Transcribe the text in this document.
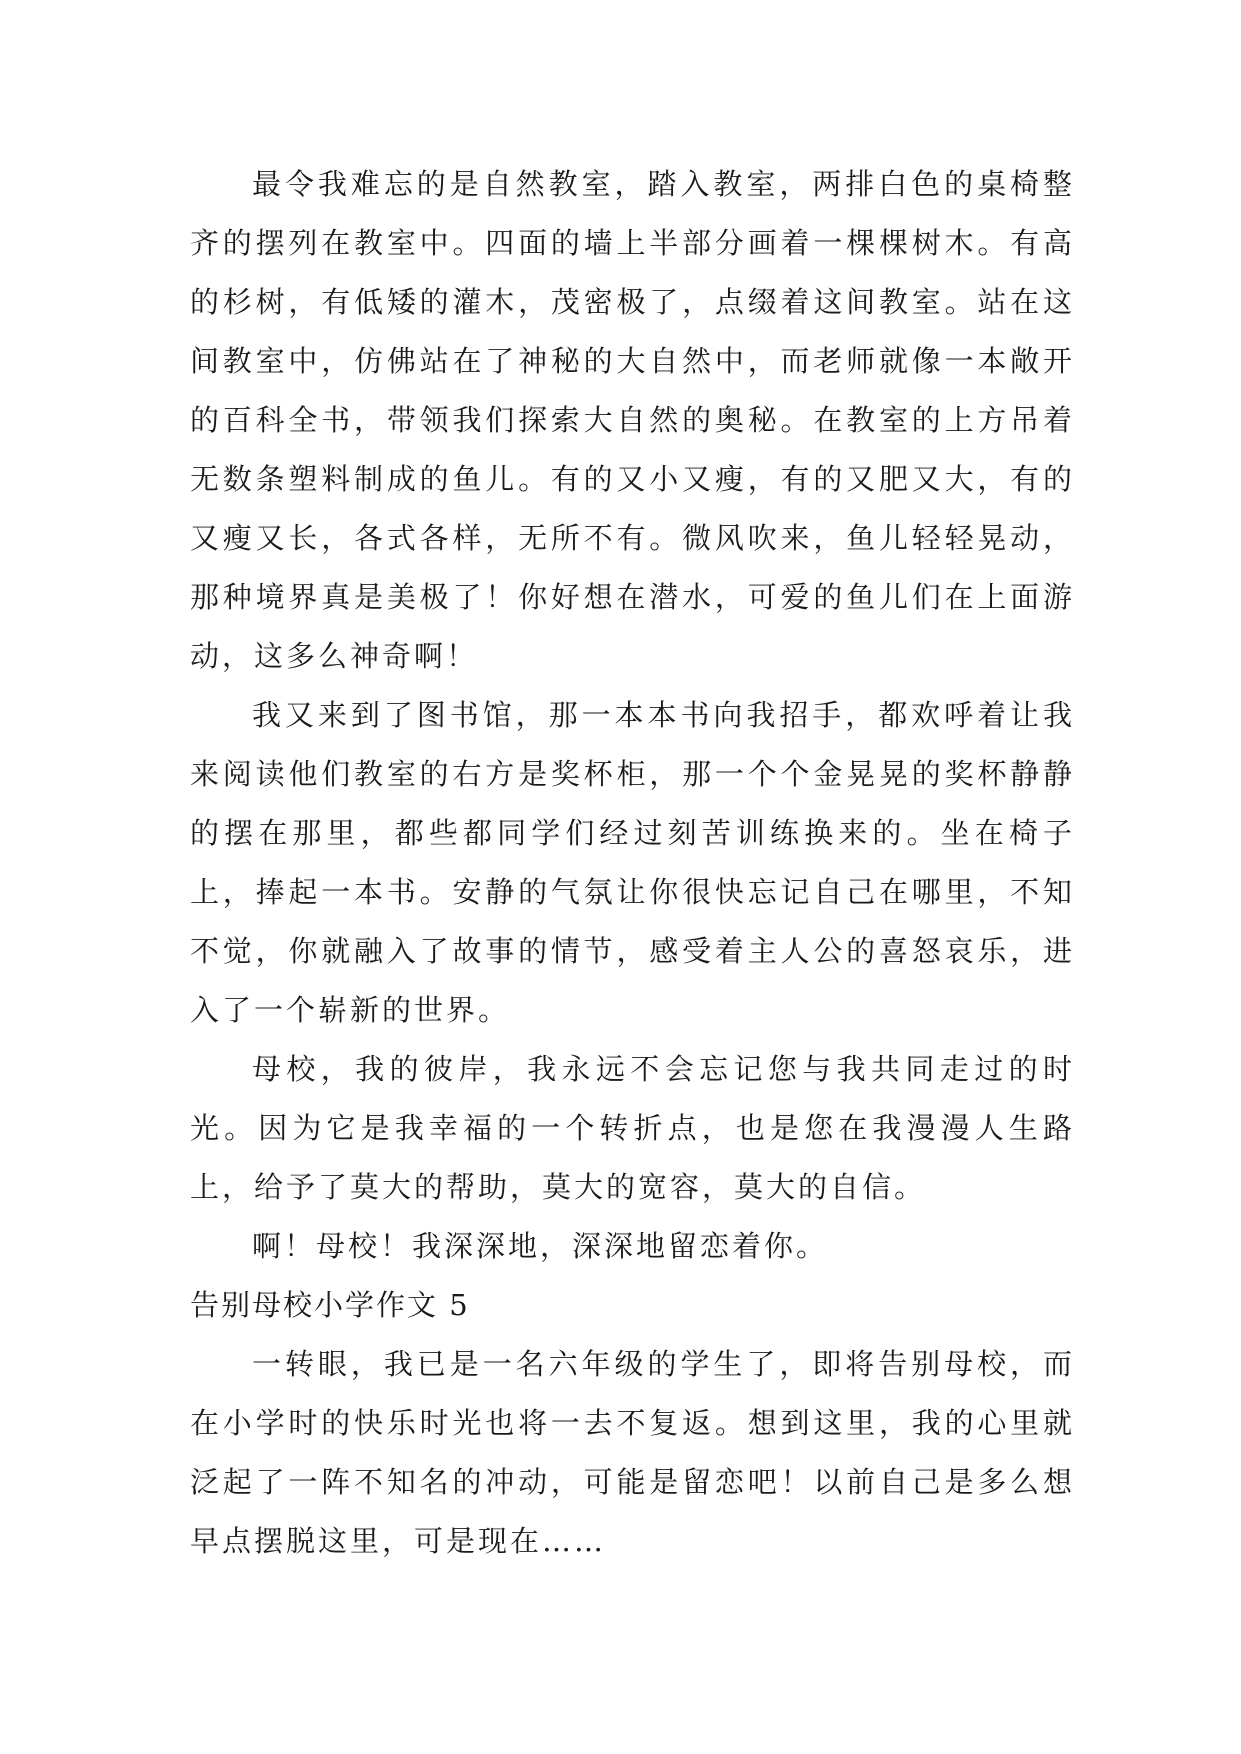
最令我难忘的是自然教室，踏入教室，两排白色的桌椅整齐的摆列在教室中。四面的墙上半部分画着一棵棵树木。有高的杉树，有低矮的灌木，茂密极了，点缀着这间教室。站在这间教室中，仿佛站在了神秘的大自然中，而老师就像一本敞开的百科全书，带领我们探索大自然的奥秘。在教室的上方吊着无数条塑料制成的鱼儿。有的又小又瘦，有的又肥又大，有的又瘦又长，各式各样，无所不有。微风吹来，鱼儿轻轻晃动，那种境界真是美极了！你好想在潜水，可爱的鱼儿们在上面游动，这多么神奇啊！

我又来到了图书馆，那一本本书向我招手，都欢呼着让我来阅读他们教室的右方是奖杯柜，那一个个金晃晃的奖杯静静的摆在那里，都些都同学们经过刻苦训练换来的。坐在椅子上，捧起一本书。安静的气氛让你很快忘记自己在哪里，不知不觉，你就融入了故事的情节，感受着主人公的喜怒哀乐，进入了一个崭新的世界。

母校，我的彼岸，我永远不会忘记您与我共同走过的时光。因为它是我幸福的一个转折点，也是您在我漫漫人生路上，给予了莫大的帮助，莫大的宽容，莫大的自信。

啊！母校！我深深地，深深地留恋着你。

告别母校小学作文 5

一转眼，我已是一名六年级的学生了，即将告别母校，而在小学时的快乐时光也将一去不复返。想到这里，我的心里就泛起了一阵不知名的冲动，可能是留恋吧！以前自己是多么想早点摆脱这里，可是现在……
